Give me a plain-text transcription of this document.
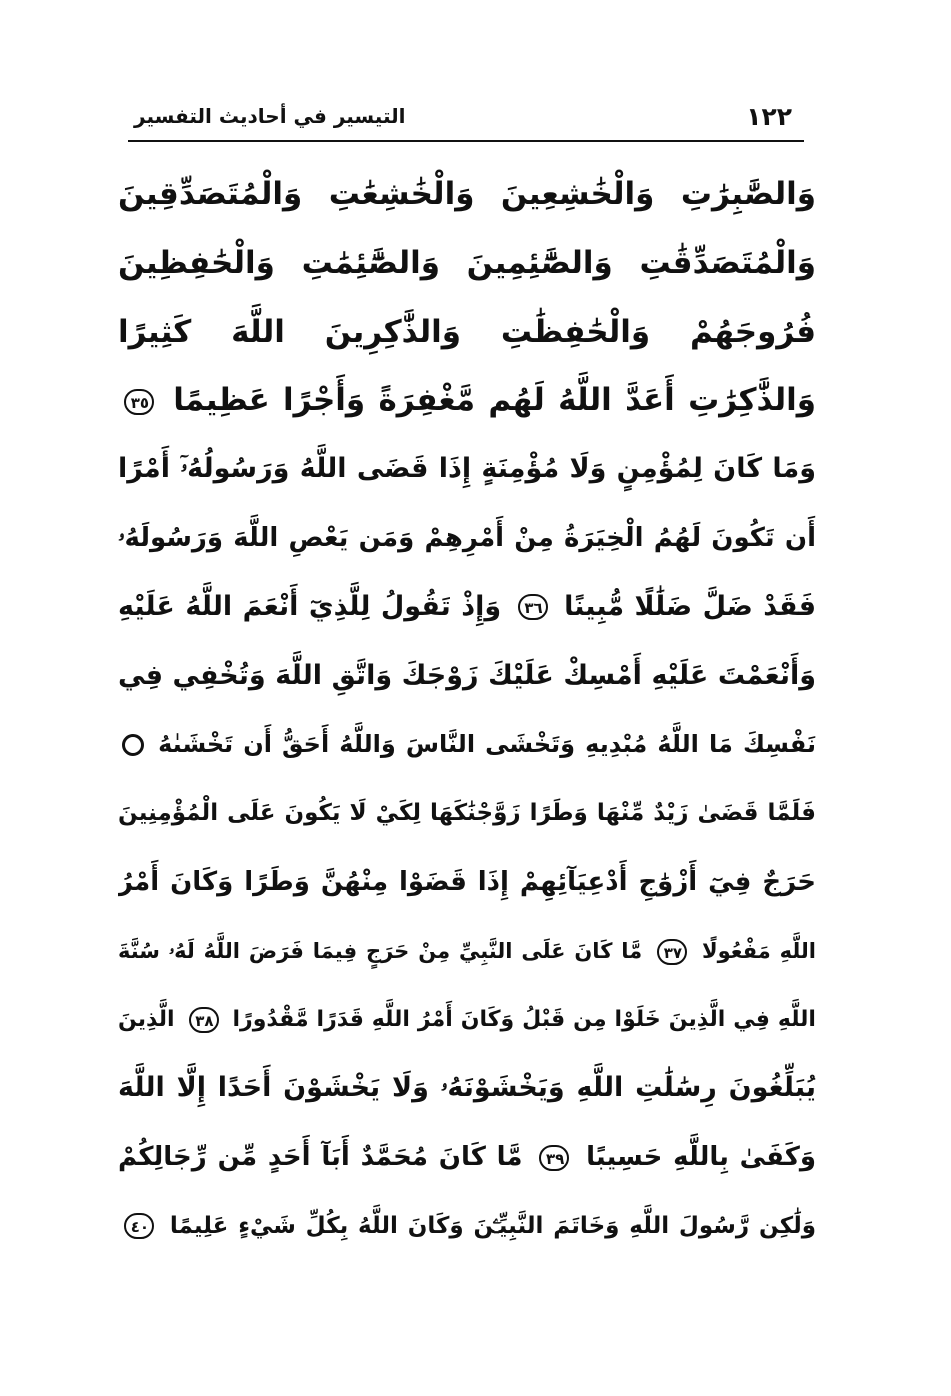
١٢٢
التيسير في أحاديث التفسير
وَالصَّٰبِرَٰتِ وَالْخَٰشِعِينَ وَالْخَٰشِعَٰتِ وَالْمُتَصَدِّقِينَ
وَالْمُتَصَدِّقَٰتِ وَالصَّٰٓئِمِينَ وَالصَّٰٓئِمَٰتِ وَالْحَٰفِظِينَ
فُرُوجَهُمْ وَالْحَٰفِظَٰتِ وَالذَّٰكِرِينَ اللَّهَ كَثِيرًا
وَالذَّٰكِرَٰتِ أَعَدَّ اللَّهُ لَهُم مَّغْفِرَةً وَأَجْرًا عَظِيمًا ٣٥
وَمَا كَانَ لِمُؤْمِنٍ وَلَا مُؤْمِنَةٍ إِذَا قَضَى اللَّهُ وَرَسُولُهُۥٓ أَمْرًا
أَن تَكُونَ لَهُمُ الْخِيَرَةُ مِنْ أَمْرِهِمْ وَمَن يَعْصِ اللَّهَ وَرَسُولَهُۥ
فَقَدْ ضَلَّ ضَلَٰلًا مُّبِينًا ٣٦ وَإِذْ تَقُولُ لِلَّذِيٓ أَنْعَمَ اللَّهُ عَلَيْهِ
وَأَنْعَمْتَ عَلَيْهِ أَمْسِكْ عَلَيْكَ زَوْجَكَ وَاتَّقِ اللَّهَ وَتُخْفِي فِي
نَفْسِكَ مَا اللَّهُ مُبْدِيهِ وَتَخْشَى النَّاسَ وَاللَّهُ أَحَقُّ أَن تَخْشَىٰهُ
فَلَمَّا قَضَىٰ زَيْدٌ مِّنْهَا وَطَرًا زَوَّجْنَٰكَهَا لِكَيْ لَا يَكُونَ عَلَى الْمُؤْمِنِينَ
حَرَجٌ فِيٓ أَزْوَٰجِ أَدْعِيَآئِهِمْ إِذَا قَضَوْا مِنْهُنَّ وَطَرًا وَكَانَ أَمْرُ
اللَّهِ مَفْعُولًا ٣٧ مَّا كَانَ عَلَى النَّبِيِّ مِنْ حَرَجٍ فِيمَا فَرَضَ اللَّهُ لَهُۥ سُنَّةَ
اللَّهِ فِي الَّذِينَ خَلَوْا مِن قَبْلُ وَكَانَ أَمْرُ اللَّهِ قَدَرًا مَّقْدُورًا ٣٨ الَّذِينَ
يُبَلِّغُونَ رِسَٰلَٰتِ اللَّهِ وَيَخْشَوْنَهُۥ وَلَا يَخْشَوْنَ أَحَدًا إِلَّا اللَّهَ
وَكَفَىٰ بِاللَّهِ حَسِيبًا ٣٩ مَّا كَانَ مُحَمَّدٌ أَبَآ أَحَدٍ مِّن رِّجَالِكُمْ
وَلَٰكِن رَّسُولَ اللَّهِ وَخَاتَمَ النَّبِيِّـۧنَ وَكَانَ اللَّهُ بِكُلِّ شَيْءٍ عَلِيمًا ٤٠
